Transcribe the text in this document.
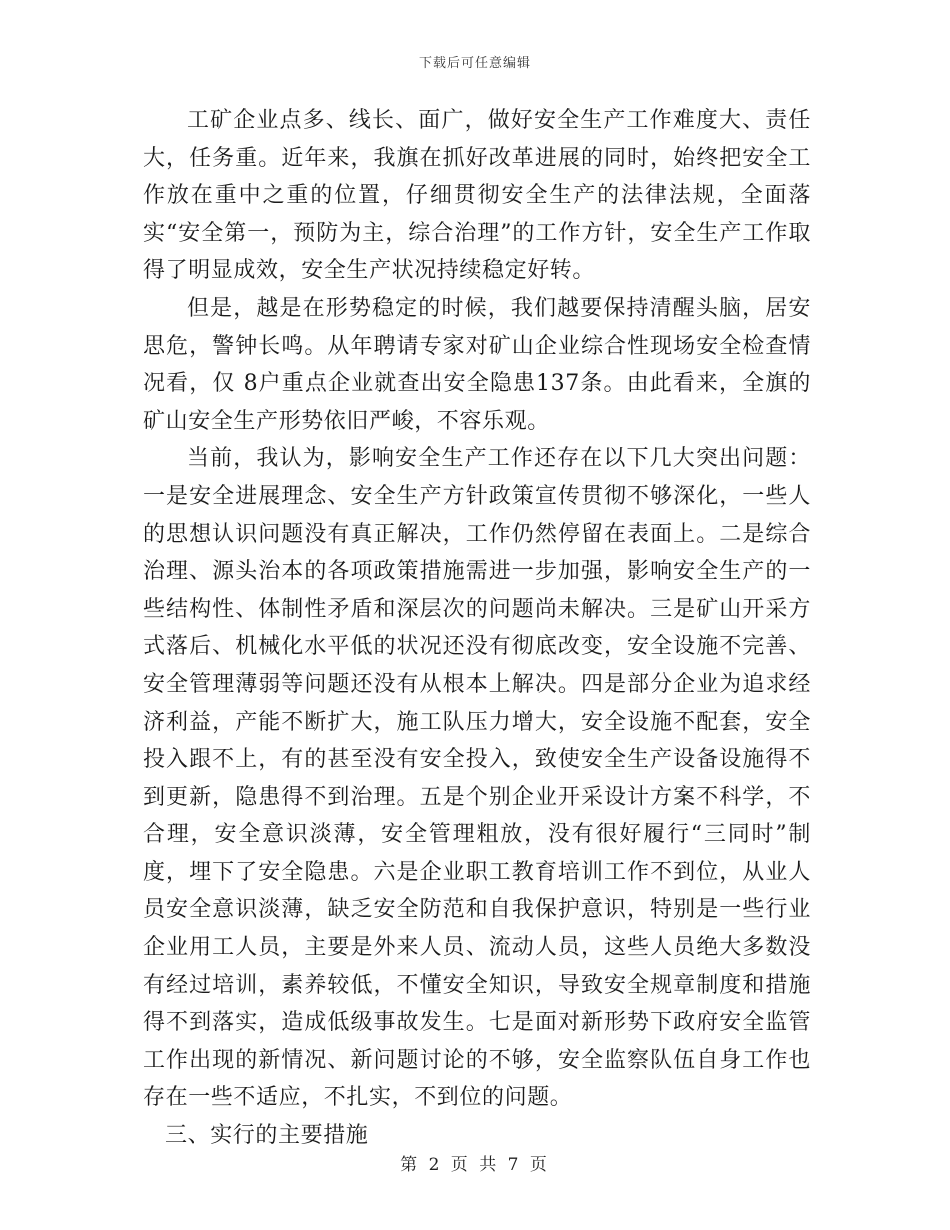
下载后可任意编辑

工矿企业点多、线长、面广，做好安全生产工作难度大、责任大，任务重。近年来，我旗在抓好改革进展的同时，始终把安全工作放在重中之重的位置，仔细贯彻安全生产的法律法规，全面落实“安全第一，预防为主，综合治理”的工作方针，安全生产工作取得了明显成效，安全生产状况持续稳定好转。

但是，越是在形势稳定的时候，我们越要保持清醒头脑，居安思危，警钟长鸣。从年聘请专家对矿山企业综合性现场安全检查情况看，仅 8户重点企业就查出安全隐患137条。由此看来，全旗的矿山安全生产形势依旧严峻，不容乐观。

当前，我认为，影响安全生产工作还存在以下几大突出问题：一是安全进展理念、安全生产方针政策宣传贯彻不够深化，一些人的思想认识问题没有真正解决，工作仍然停留在表面上。二是综合治理、源头治本的各项政策措施需进一步加强，影响安全生产的一些结构性、体制性矛盾和深层次的问题尚未解决。三是矿山开采方式落后、机械化水平低的状况还没有彻底改变，安全设施不完善、安全管理薄弱等问题还没有从根本上解决。四是部分企业为追求经济利益，产能不断扩大，施工队压力增大，安全设施不配套，安全投入跟不上，有的甚至没有安全投入，致使安全生产设备设施得不到更新，隐患得不到治理。五是个别企业开采设计方案不科学，不合理，安全意识淡薄，安全管理粗放，没有很好履行“三同时”制度，埋下了安全隐患。六是企业职工教育培训工作不到位，从业人员安全意识淡薄，缺乏安全防范和自我保护意识，特别是一些行业企业用工人员，主要是外来人员、流动人员，这些人员绝大多数没有经过培训，素养较低，不懂安全知识，导致安全规章制度和措施得不到落实，造成低级事故发生。七是面对新形势下政府安全监管工作出现的新情况、新问题讨论的不够，安全监察队伍自身工作也存在一些不适应，不扎实，不到位的问题。

三、实行的主要措施

第 2 页 共 7 页
